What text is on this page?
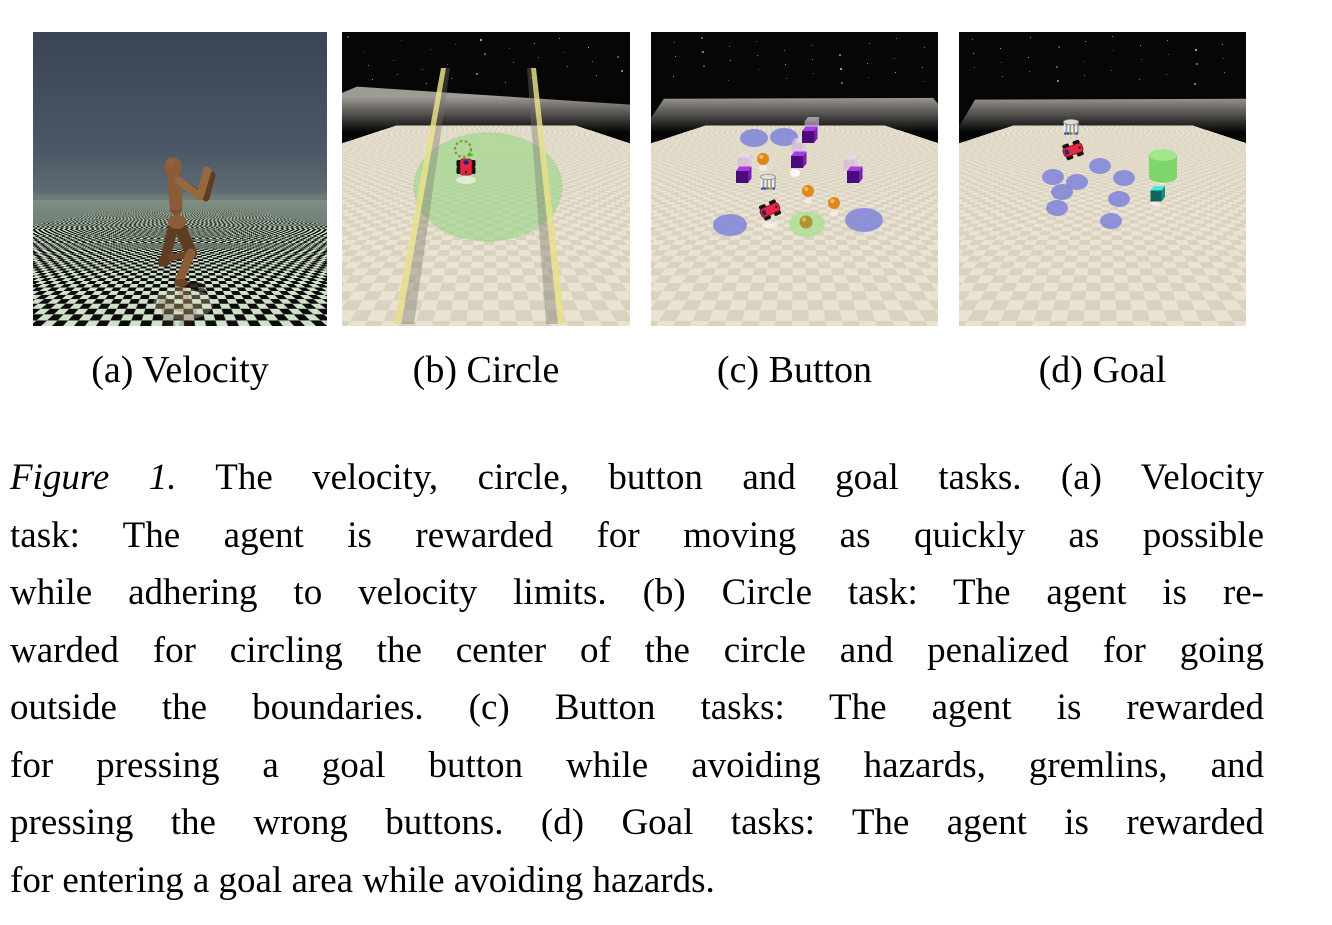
(a) Velocity	(b) Circle	(c) Button	(d) Goal
Figure 1. The velocity, circle, button and goal tasks. (a) Velocity
task: The agent is rewarded for moving as quickly as possible
while adhering to velocity limits. (b) Circle task: The agent is re-
warded for circling the center of the circle and penalized for going
outside the boundaries. (c) Button tasks: The agent is rewarded
for pressing a goal button while avoiding hazards, gremlins, and
pressing the wrong buttons. (d) Goal tasks: The agent is rewarded
for entering a goal area while avoiding hazards.
